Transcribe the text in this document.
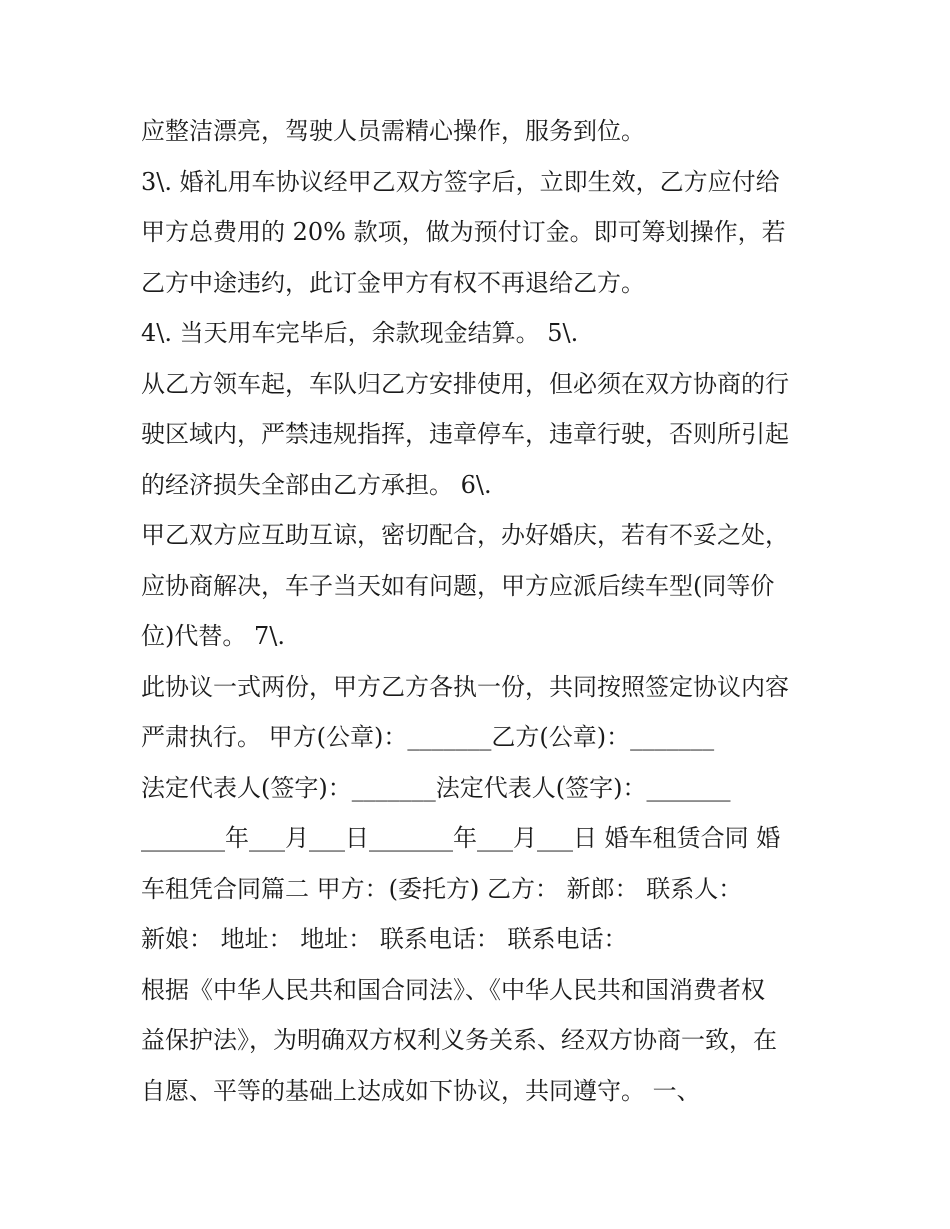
应整洁漂亮，驾驶人员需精心操作，服务到位。
3\. 婚礼用车协议经甲乙双方签字后，立即生效，乙方应付给
甲方总费用的 20% 款项，做为预付订金。即可筹划操作，若
乙方中途违约，此订金甲方有权不再退给乙方。
4\. 当天用车完毕后，余款现金结算。 5\.
从乙方领车起，车队归乙方安排使用，但必须在双方协商的行
驶区域内，严禁违规指挥，违章停车，违章行驶，否则所引起
的经济损失全部由乙方承担。 6\.
甲乙双方应互助互谅，密切配合，办好婚庆，若有不妥之处，
应协商解决，车子当天如有问题，甲方应派后续车型(同等价
位)代替。 7\.
此协议一式两份，甲方乙方各执一份，共同按照签定协议内容
严肃执行。 甲方(公章)：_______乙方(公章)：_______
法定代表人(签字)：_______法定代表人(签字)：_______
_______年___月___日_______年___月___日 婚车租赁合同 婚
车租凭合同篇二 甲方：(委托方) 乙方： 新郎： 联系人：
新娘： 地址： 地址： 联系电话： 联系电话：
根据《中华人民共和国合同法》、《中华人民共和国消费者权
益保护法》，为明确双方权利义务关系、经双方协商一致，在
自愿、平等的基础上达成如下协议，共同遵守。 一、
